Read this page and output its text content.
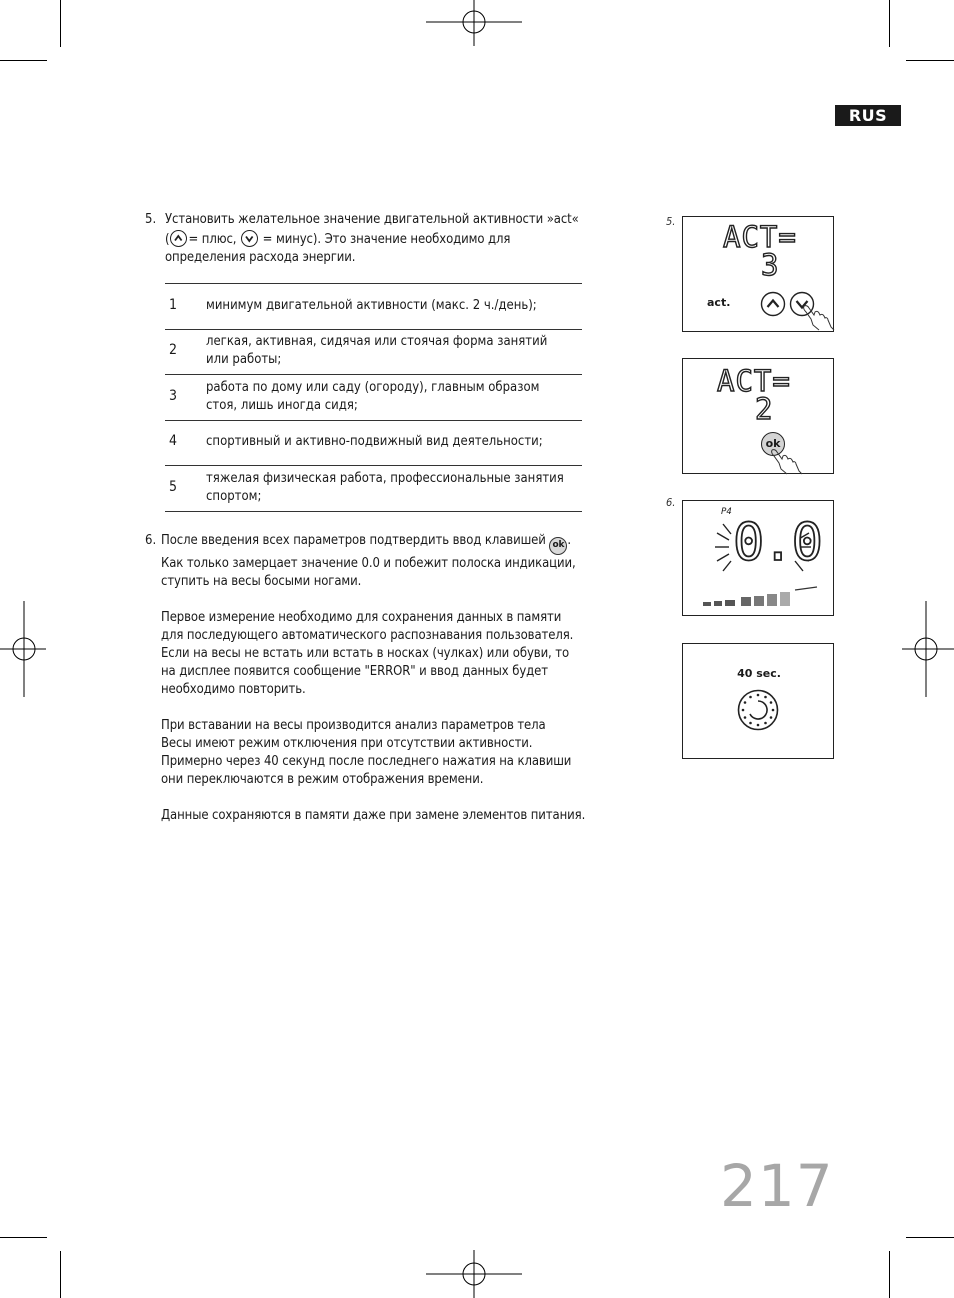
RUS
5. Установить желательное значение двигательной активности »act«
( = плюс, = минус). Это значение необходимо для
определения расхода энергии.
1 минимум двигательной активности (макс. 2 ч./день);
2
легкая, активная, сидячая или стоячая форма занятий
или работы;
3
работа по дому или саду (огороду), главным образом
стоя, лишь иногда сидя;
4 спортивный и активно-подвижный вид деятельности;
5
тяжелая физическая работа, профессиональные занятия
спортом;
6. После введения всех параметров подтвердить ввод клавишей ok .
Как только замерцает значение 0.0 и побежит полоска индикации,
ступить на весы босыми ногами.
Первое измерение необходимо для сохранения данных в памяти
для последующего автоматического распознавания пользователя.
Если на весы не встать или встать в носках (чулках) или обуви, то
на дисплее появится сообщение "ERROR" и ввод данных будет
необходимо повторить.
При вставании на весы производится анализ параметров тела
Весы имеют режим отключения при отсутствии активности.
Примерно через 40 секунд после последнего нажатия на клавиши
они переключаются в режим отображения времени.
Данные сохраняются в памяти даже при замене элементов питания.
5.
6.
ACT=
3
act.
ACT=
2
ok
P4
0.0
40 sec.
217
